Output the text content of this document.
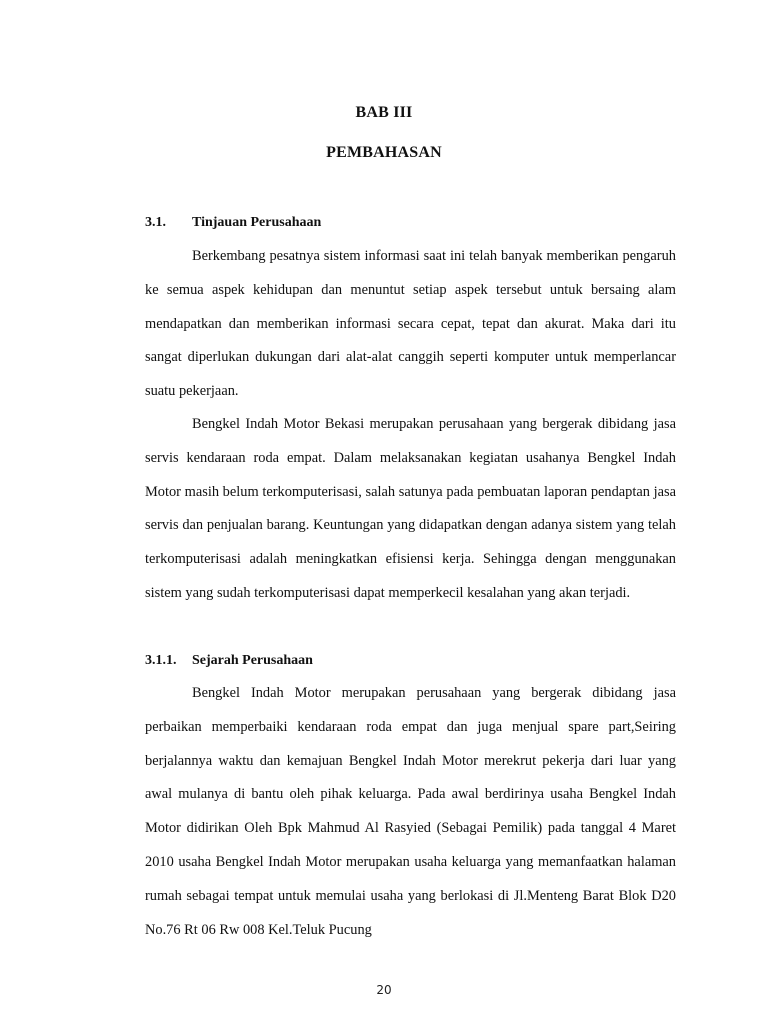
BAB III
PEMBAHASAN
3.1. Tinjauan Perusahaan

Berkembang pesatnya sistem informasi saat ini telah banyak memberikan pengaruh ke semua aspek kehidupan dan menuntut setiap aspek tersebut untuk bersaing alam mendapatkan dan memberikan informasi secara cepat, tepat dan akurat. Maka dari itu sangat diperlukan dukungan dari alat-alat canggih seperti komputer untuk memperlancar suatu pekerjaan.

Bengkel Indah Motor Bekasi merupakan perusahaan yang bergerak dibidang jasa servis kendaraan roda empat. Dalam melaksanakan kegiatan usahanya Bengkel Indah Motor masih belum terkomputerisasi, salah satunya pada pembuatan laporan pendaptan jasa servis dan penjualan barang. Keuntungan yang didapatkan dengan adanya sistem yang telah terkomputerisasi adalah meningkatkan efisiensi kerja. Sehingga dengan menggunakan sistem yang sudah terkomputerisasi dapat memperkecil kesalahan yang akan terjadi.

3.1.1. Sejarah Perusahaan

Bengkel Indah Motor merupakan perusahaan yang bergerak dibidang jasa perbaikan memperbaiki kendaraan roda empat dan juga menjual spare part,Seiring berjalannya waktu dan kemajuan Bengkel Indah Motor merekrut pekerja dari luar yang awal mulanya di bantu oleh pihak keluarga. Pada awal berdirinya usaha Bengkel Indah Motor didirikan Oleh Bpk Mahmud Al Rasyied (Sebagai Pemilik) pada tanggal 4 Maret 2010 usaha Bengkel Indah Motor merupakan usaha keluarga yang memanfaatkan halaman rumah sebagai tempat untuk memulai usaha yang berlokasi di Jl.Menteng Barat Blok D20 No.76 Rt 06 Rw 008 Kel.Teluk Pucung

20
